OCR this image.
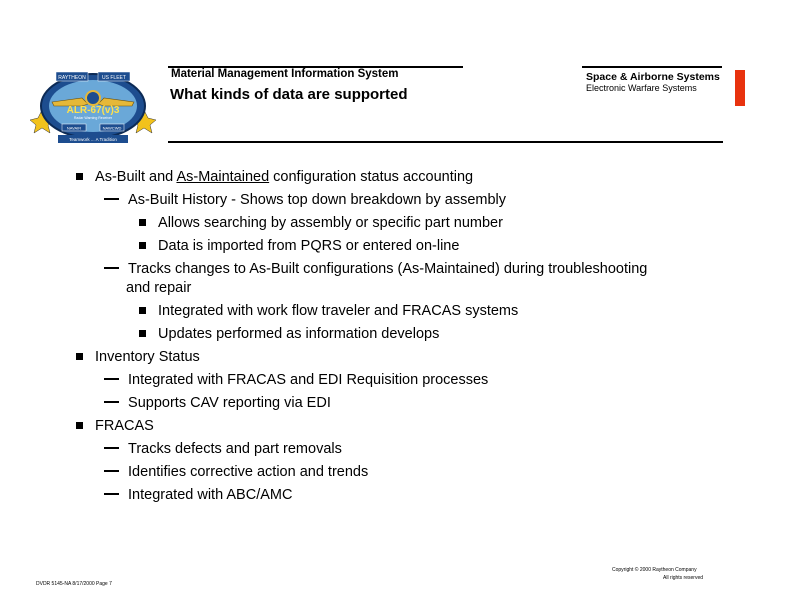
RAYTHEON	US FLEET
ALR-67(v)3
Radar Warning Receiver
NAVAIR	NAWCWD
Teamwork ... A Tradition
Material Management Information System
What kinds of data are supported
Space & Airborne Systems
Electronic Warfare Systems
As-Built and As-Maintained configuration status accounting
As-Built History - Shows top down breakdown by assembly
Allows searching by assembly or specific part number
Data is imported from PQRS or entered on-line
Tracks changes to As-Built configurations (As-Maintained) during troubleshooting
and repair
Integrated with work flow traveler and FRACAS systems
Updates performed as information develops
Inventory Status
Integrated with FRACAS and EDI Requisition processes
Supports CAV reporting via EDI
FRACAS
Tracks defects and part removals
Identifies corrective action and trends
Integrated with ABC/AMC
DVDR 5145-NA 8/17/2000 Page 7
Copyright © 2000 Raytheon Company
All rights reserved
